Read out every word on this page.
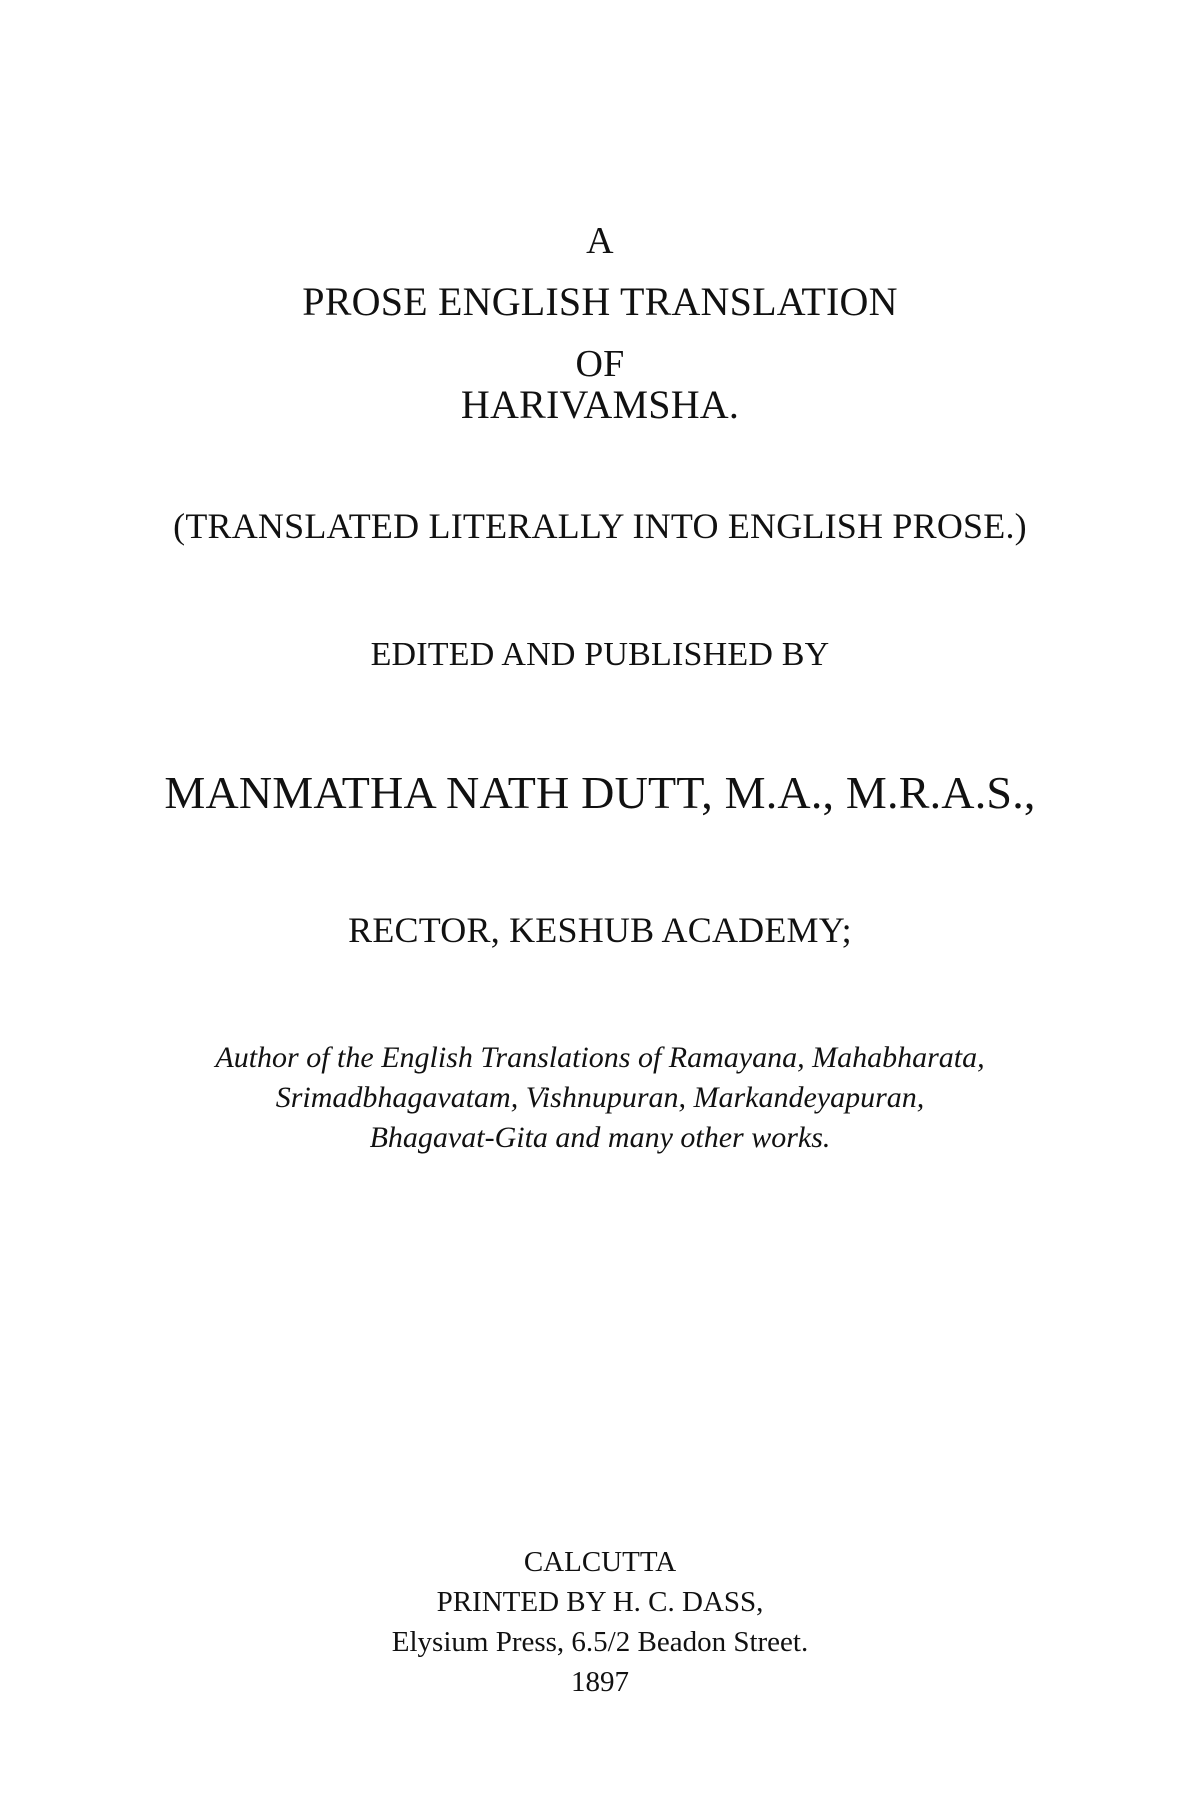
A
PROSE ENGLISH TRANSLATION
OF
HARIVAMSHA.
(TRANSLATED LITERALLY INTO ENGLISH PROSE.)
EDITED AND PUBLISHED BY
MANMATHA NATH DUTT, M.A., M.R.A.S.,
RECTOR, KESHUB ACADEMY;
Author of the English Translations of Ramayana, Mahabharata,
Srimadbhagavatam, Vishnupuran, Markandeyapuran,
Bhagavat-Gita and many other works.
CALCUTTA
PRINTED BY H. C. DASS,
Elysium Press, 6.5/2 Beadon Street.
1897
